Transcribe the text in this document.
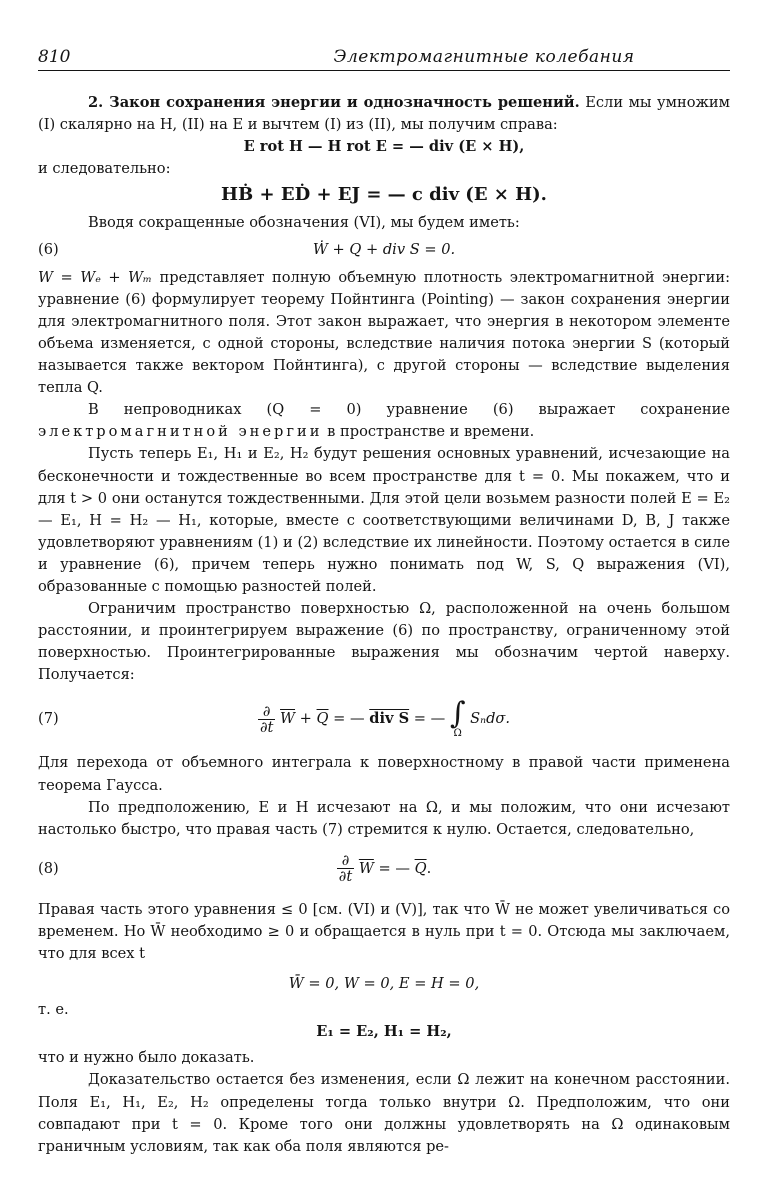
810	Электромагнитные колебания

2. Закон сохранения энергии и однозначность решений. Если мы умножим (I) скалярно на H, (II) на E и вычтем (I) из (II), мы получим справа:

E rot H — H rot E = — div (E × H),

и следовательно:

HḂ + EḊ + EJ = — c div (E × H).

Вводя сокращенные обозначения (VI), мы будем иметь:

(6)	Ẇ + Q + div S = 0.

W = Wₑ + Wₘ представляет полную объемную плотность электромагнитной энергии: уравнение (6) формулирует теорему Пойнтинга (Pointing) — закон сохранения энергии для электромагнитного поля. Этот закон выражает, что энергия в некотором элементе объема изменяется, с одной стороны, вследствие наличия потока энергии S (который называется также вектором Пойнтинга), с другой стороны — вследствие выделения тепла Q.

В непроводниках (Q = 0) уравнение (6) выражает сохранение электромагнитной энергии в пространстве и времени.

Пусть теперь E₁, H₁ и E₂, H₂ будут решения основных уравнений, исчезающие на бесконечности и тождественные во всем пространстве для t = 0. Мы покажем, что и для t > 0 они останутся тождественными. Для этой цели возьмем разности полей E = E₂ — E₁, H = H₂ — H₁, которые, вместе с соответствующими величинами D, B, J также удовлетворяют уравнениям (1) и (2) вследствие их линейности. Поэтому остается в силе и уравнение (6), причем теперь нужно понимать под W, S, Q выражения (VI), образованные с помощью разностей полей.

Ограничим пространство поверхностью Ω, расположенной на очень большом расстоянии, и проинтегрируем выражение (6) по пространству, ограниченному этой поверхностью. Проинтегрированные выражения мы обозначим чертой наверху. Получается:

(7)	$\frac{\partial}{\partial t} \overline{W} + \overline{Q}$ = — div S = — ∫
Ω
Sₙdσ.

Для перехода от объемного интеграла к поверхностному в правой части применена теорема Гаусса.

По предположению, E и H исчезают на Ω, и мы положим, что они исчезают настолько быстро, что правая часть (7) стремится к нулю. Остается, следовательно,

(8)	$\frac{\partial}{\partial t} \overline{W}$ = — $\overline{Q}$.

Правая часть этого уравнения ≤ 0 [см. (VI) и (V)], так что W̄ не может увеличиваться со временем. Но W̄ необходимо ≥ 0 и обращается в нуль при t = 0. Отсюда мы заключаем, что для всех t

W̄ = 0, W = 0, E = H = 0,

т. е.

E₁ = E₂, H₁ = H₂,

что и нужно было доказать.

Доказательство остается без изменения, если Ω лежит на конечном расстоянии. Поля E₁, H₁, E₂, H₂ определены тогда только внутри Ω. Предположим, что они совпадают при t = 0. Кроме того они должны удовлетворять на Ω одинаковым граничным условиям, так как оба поля являются ре-
